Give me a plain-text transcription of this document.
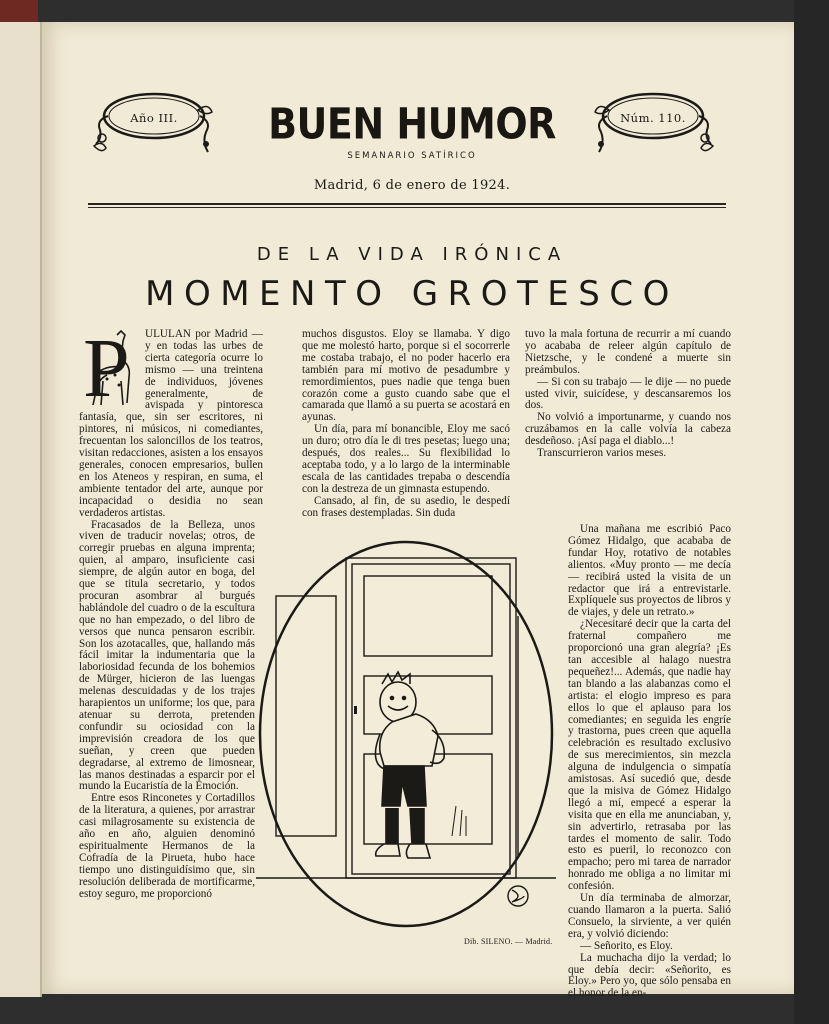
Año III.	Núm. 110.
BUEN HUMOR
SEMANARIO SATÍRICO
Madrid, 6 de enero de 1924.
DE LA VIDA IRÓNICA
MOMENTO GROTESCO
P	ULULAN por Madrid — y en todas las urbes de cierta categoría ocurre lo mismo — una treintena de individuos, jóvenes generalmente, de avispada y pintoresca fantasía, que, sin ser escritores, ni pintores, ni músicos, ni comediantes, frecuentan los saloncillos de los teatros, visitan redacciones, asisten a los ensayos generales, conocen empresarios, bullen en los Ateneos y respiran, en suma, el ambiente tentador del arte, aunque por incapacidad o desidia no sean verdaderos artistas.

Fracasados de la Belleza, unos viven de traducir novelas; otros, de corregir pruebas en alguna imprenta; quien, al amparo, insuficiente casi siempre, de algún autor en boga, del que se titula secretario, y todos procuran asombrar al burgués hablándole del cuadro o de la escultura que no han empezado, o del libro de versos que nunca pensaron escribir. Son los azotacalles, que, hallando más fácil imitar la indumentaria que la laboriosidad fecunda de los bohemios de Mürger, hicieron de las luengas melenas descuidadas y de los trajes harapientos un uniforme; los que, para atenuar su derrota, pretenden confundir su ociosidad con la imprevisión creadora de los que sueñan, y creen que pueden degradarse, al extremo de limosnear, las manos destinadas a esparcir por el mundo la Eucaristía de la Emoción.

Entre esos Rinconetes y Cortadillos de la literatura, a quienes, por arrastrar casi milagrosamente su existencia de año en año, alguien denominó espiritualmente Hermanos de la Cofradía de la Pirueta, hubo hace tiempo uno distinguidísimo que, sin resolución deliberada de mortificarme, estoy seguro, me proporcionó

muchos disgustos. Eloy se llamaba. Y digo que me molestó harto, porque si el socorrerle me costaba trabajo, el no poder hacerlo era también para mí motivo de pesadumbre y remordimientos, pues nadie que tenga buen corazón come a gusto cuando sabe que el camarada que llamó a su puerta se acostará en ayunas.

Un día, para mí bonancible, Eloy me sacó un duro; otro día le di tres pesetas; luego una; después, dos reales... Su flexibilidad lo aceptaba todo, y a lo largo de la interminable escala de las cantidades trepaba o descendía con la destreza de un gimnasta estupendo.

Cansado, al fin, de su asedio, le despedí con frases destempladas. Sin duda

tuvo la mala fortuna de recurrir a mí cuando yo acababa de releer algún capítulo de Nietzsche, y le condené a muerte sin preámbulos.

— Si con su trabajo — le dije — no puede usted vivir, suicídese, y descansaremos los dos.

No volvió a importunarme, y cuando nos cruzábamos en la calle volvía la cabeza desdeñoso. ¡Así paga el diablo...!

Transcurrieron varios meses.

Una mañana me escribió Paco Gómez Hidalgo, que acababa de fundar Hoy, rotativo de notables alientos. «Muy pronto — me decía — recibirá usted la visita de un redactor que irá a entrevistarle. Explíquele sus proyectos de libros y de viajes, y dele un retrato.»

¿Necesitaré decir que la carta del fraternal compañero me proporcionó una gran alegría? ¡Es tan accesible al halago nuestra pequeñez!... Además, que nadie hay tan blando a las alabanzas como el artista: el elogio impreso es para ellos lo que el aplauso para los comediantes; en seguida les engríe y trastorna, pues creen que aquella celebración es resultado exclusivo de sus merecimientos, sin mezcla alguna de indulgencia o simpatía amistosas. Así sucedió que, desde que la misiva de Gómez Hidalgo llegó a mí, empecé a esperar la visita que en ella me anunciaban, y, sin advertirlo, retrasaba por las tardes el momento de salir. Todo esto es pueril, lo reconozco con empacho; pero mi tarea de narrador honrado me obliga a no limitar mi confesión.

Un día terminaba de almorzar, cuando llamaron a la puerta. Salió Consuelo, la sirviente, a ver quién era, y volvió diciendo:

— Señorito, es Eloy.

La muchacha dijo la verdad; lo que debía decir: «Señorito, es Eloy.» Pero yo, que sólo pensaba en el honor de la en-

Dib. SILENO. — Madrid.
